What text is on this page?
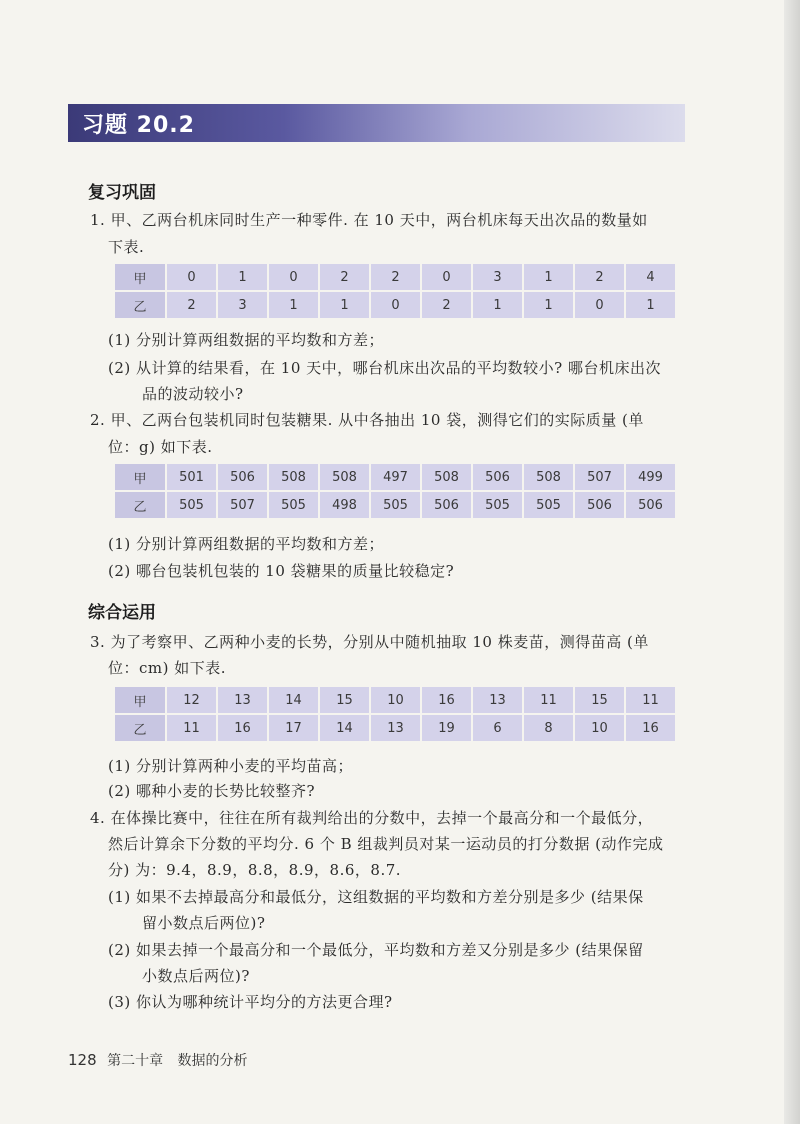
习题 20.2
复习巩固
1. 甲、乙两台机床同时生产一种零件. 在 10 天中，两台机床每天出次品的数量如
下表.
甲	0	1	0	2	2	0	3	1	2	4
乙	2	3	1	1	0	2	1	1	0	1
(1) 分别计算两组数据的平均数和方差；
(2) 从计算的结果看，在 10 天中，哪台机床出次品的平均数较小? 哪台机床出次
品的波动较小?
2. 甲、乙两台包装机同时包装糖果. 从中各抽出 10 袋，测得它们的实际质量 (单
位：g) 如下表.
甲	501	506	508	508	497	508	506	508	507	499
乙	505	507	505	498	505	506	505	505	506	506
(1) 分别计算两组数据的平均数和方差；
(2) 哪台包装机包装的 10 袋糖果的质量比较稳定?
综合运用
3. 为了考察甲、乙两种小麦的长势，分别从中随机抽取 10 株麦苗，测得苗高 (单
位：cm) 如下表.
甲	12	13	14	15	10	16	13	11	15	11
乙	11	16	17	14	13	19	6	8	10	16
(1) 分别计算两种小麦的平均苗高；
(2) 哪种小麦的长势比较整齐?
4. 在体操比赛中，往往在所有裁判给出的分数中，去掉一个最高分和一个最低分，
然后计算余下分数的平均分. 6 个 B 组裁判员对某一运动员的打分数据 (动作完成
分) 为：9.4，8.9，8.8，8.9，8.6，8.7.
(1) 如果不去掉最高分和最低分，这组数据的平均数和方差分别是多少 (结果保
留小数点后两位)?
(2) 如果去掉一个最高分和一个最低分，平均数和方差又分别是多少 (结果保留
小数点后两位)?
(3) 你认为哪种统计平均分的方法更合理?
128 第二十章 数据的分析
